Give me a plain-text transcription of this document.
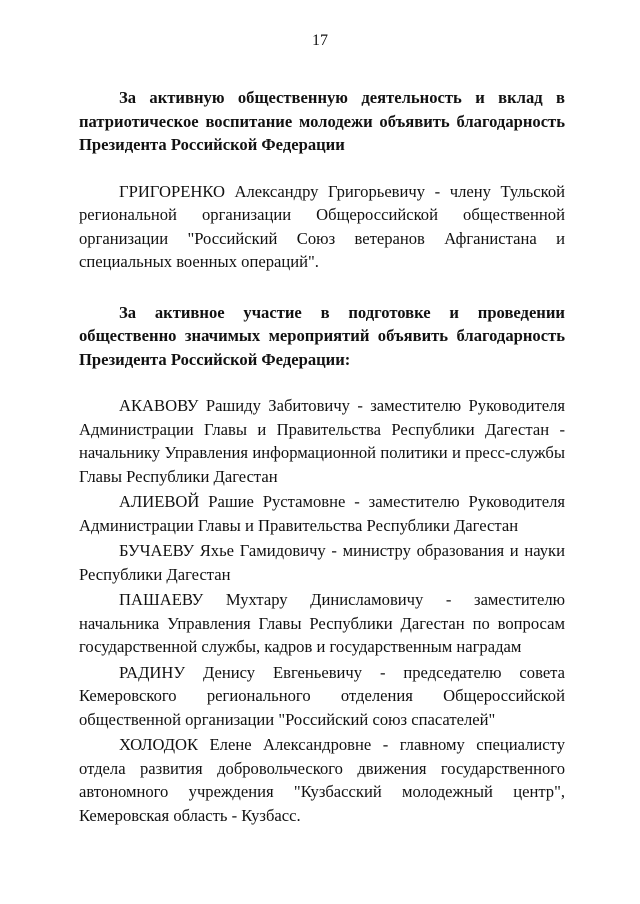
17

За активную общественную деятельность и вклад в патриотическое воспитание молодежи объявить благодарность Президента Российской Федерации

ГРИГОРЕНКО Александру Григорьевичу - члену Тульской региональной организации Общероссийской общественной организации "Российский Союз ветеранов Афганистана и специальных военных операций".

За активное участие в подготовке и проведении общественно значимых мероприятий объявить благодарность Президента Российской Федерации:

АКАВОВУ Рашиду Забитовичу - заместителю Руководителя Администрации Главы и Правительства Республики Дагестан - начальнику Управления информационной политики и пресс-службы Главы Республики Дагестан

АЛИЕВОЙ Рашие Рустамовне - заместителю Руководителя Администрации Главы и Правительства Республики Дагестан

БУЧАЕВУ Яхье Гамидовичу - министру образования и науки Республики Дагестан

ПАШАЕВУ Мухтару Динисламовичу - заместителю начальника Управления Главы Республики Дагестан по вопросам государственной службы, кадров и государственным наградам

РАДИНУ Денису Евгеньевичу - председателю совета Кемеровского регионального отделения Общероссийской общественной организации "Российский союз спасателей"

ХОЛОДОК Елене Александровне - главному специалисту отдела развития добровольческого движения государственного автономного учреждения "Кузбасский молодежный центр", Кемеровская область - Кузбасс.
